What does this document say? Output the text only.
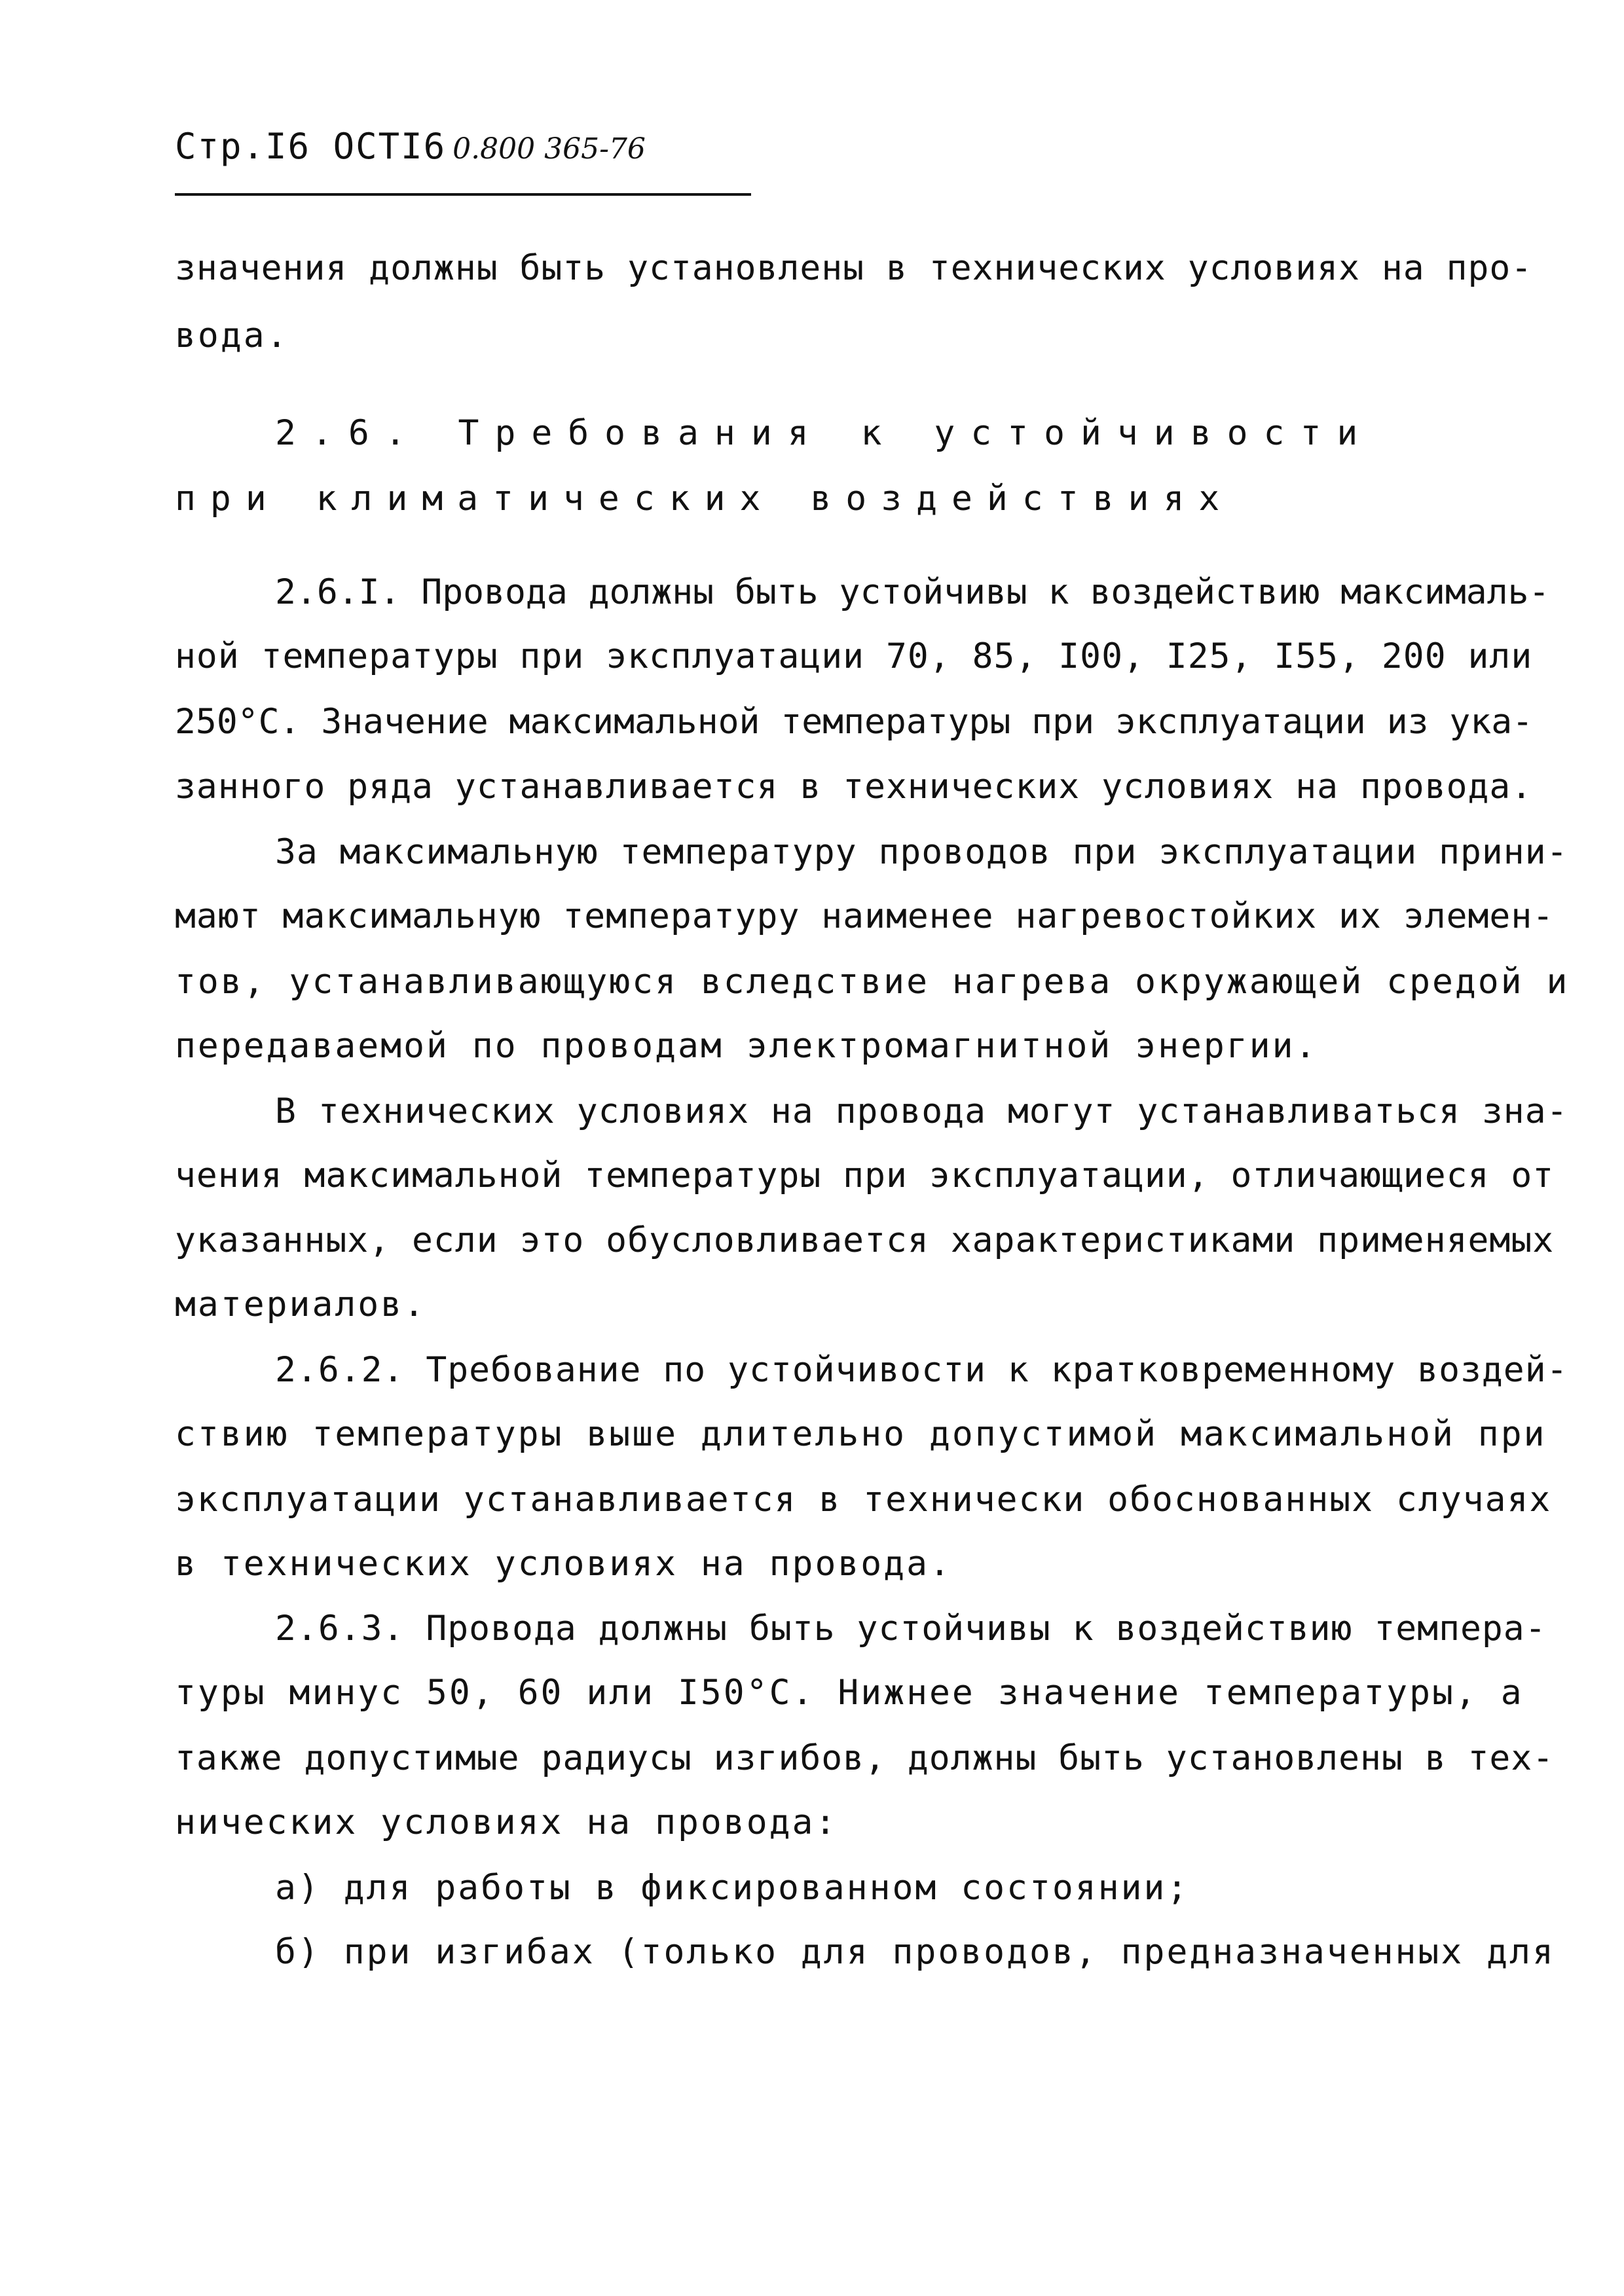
Стр.I6 ОСТI6 0.800 365-76
значения должны быть установлены в технических условиях на про-
вода.
2.6. Требования к устойчивости
при климатических воздействиях
2.6.I. Провода должны быть устойчивы к воздействию максималь-
ной температуры при эксплуатации 70, 85, I00, I25, I55, 200 или
250°С. Значение максимальной температуры при эксплуатации из ука-
занного ряда устанавливается в технических условиях на провода.
За максимальную температуру проводов при эксплуатации прини-
мают максимальную температуру наименее нагревостойких их элемен-
тов, устанавливающуюся вследствие нагрева окружающей средой и
передаваемой по проводам электромагнитной энергии.
В технических условиях на провода могут устанавливаться зна-
чения максимальной температуры при эксплуатации, отличающиеся от
указанных, если это обусловливается характеристиками применяемых
материалов.
2.6.2. Требование по устойчивости к кратковременному воздей-
ствию температуры выше длительно допустимой максимальной при
эксплуатации устанавливается в технически обоснованных случаях
в технических условиях на провода.
2.6.3. Провода должны быть устойчивы к воздействию темпера-
туры минус 50, 60 или I50°С. Нижнее значение температуры, а
также допустимые радиусы изгибов, должны быть установлены в тех-
нических условиях на провода:
а) для работы в фиксированном состоянии;
б) при изгибах (только для проводов, предназначенных для
